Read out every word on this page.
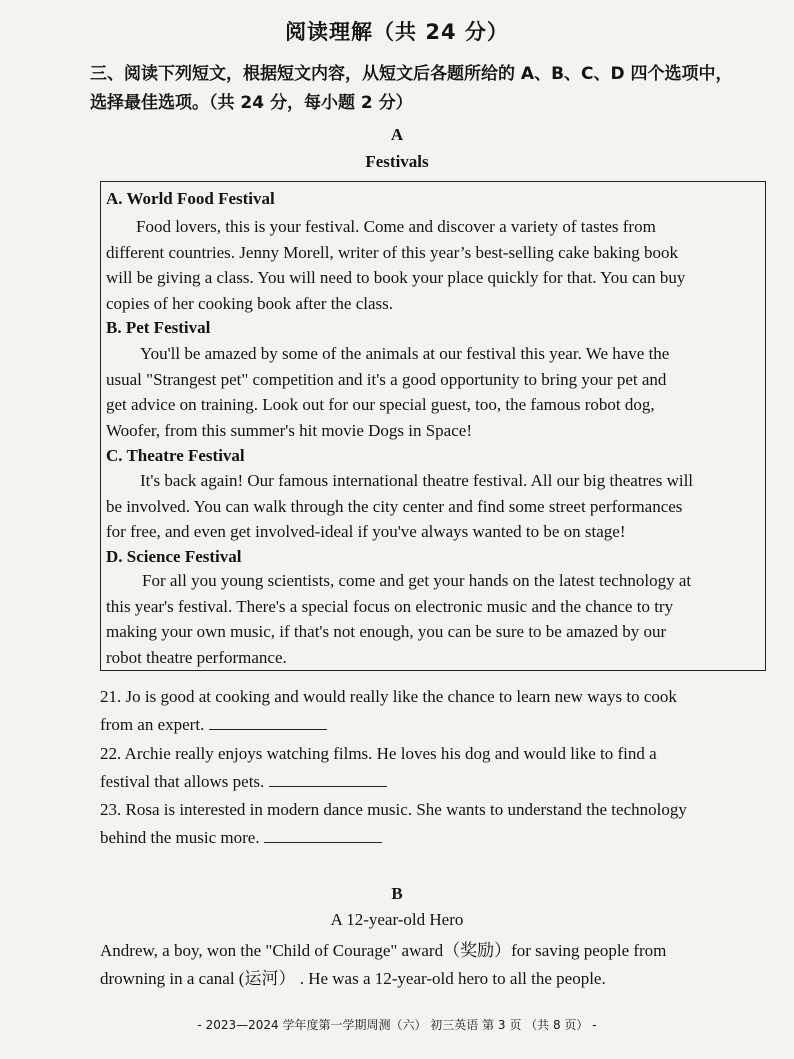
阅读理解（共 24 分）
三、阅读下列短文，根据短文内容，从短文后各题所给的 A、B、C、D 四个选项中，
选择最佳选项。（共 24 分，每小题 2 分）
A
Festivals
A. World Food Festival
Food lovers, this is your festival. Come and discover a variety of tastes from
different countries. Jenny Morell, writer of this year’s best-selling cake baking book
will be giving a class. You will need to book your place quickly for that. You can buy
copies of her cooking book after the class.
B. Pet Festival
You'll be amazed by some of the animals at our festival this year. We have the
usual "Strangest pet" competition and it's a good opportunity to bring your pet and
get advice on training. Look out for our special guest, too, the famous robot dog,
Woofer, from this summer's hit movie Dogs in Space!
C. Theatre Festival
It's back again! Our famous international theatre festival. All our big theatres will
be involved. You can walk through the city center and find some street performances
for free, and even get involved-ideal if you've always wanted to be on stage!
D. Science Festival
For all you young scientists, come and get your hands on the latest technology at
this year's festival. There's a special focus on electronic music and the chance to try
making your own music, if that's not enough, you can be sure to be amazed by our
robot theatre performance.
21. Jo is good at cooking and would really like the chance to learn new ways to cook
from an expert.
22. Archie really enjoys watching films. He loves his dog and would like to find a
festival that allows pets.
23. Rosa is interested in modern dance music. She wants to understand the technology
behind the music more.
B
A 12-year-old Hero
Andrew, a boy, won the "Child of Courage" award（奖励）for saving people from
drowning in a canal (运河） . He was a 12-year-old hero to all the people.
- 2023—2024 学年度第一学期周测（六） 初三英语 第 3 页 （共 8 页） -
